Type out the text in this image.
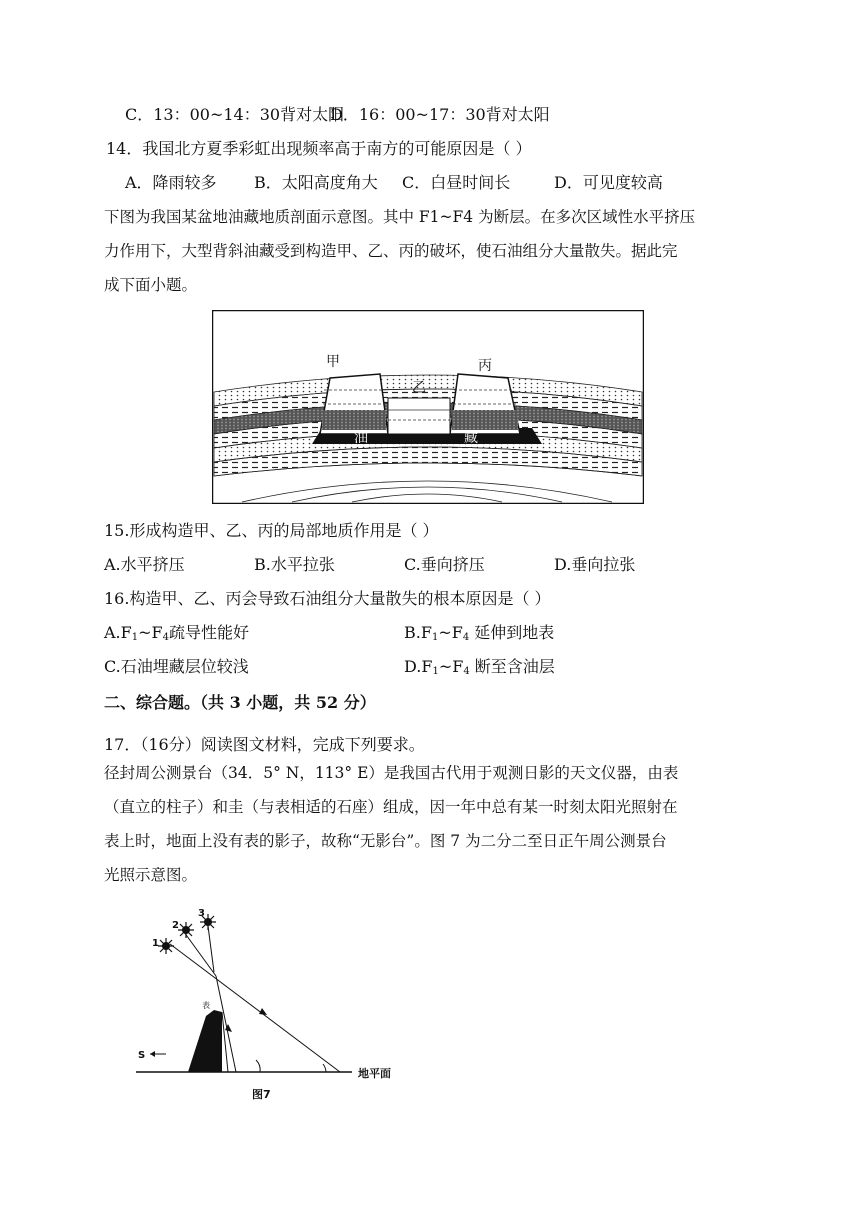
C．13：00~14：30背对太阳
D．16：00~17：30背对太阳
14．我国北方夏季彩虹出现频率高于南方的可能原因是（ ）
A．降雨较多 B．太阳高度角大 C．白昼时间长	D．可见度较高
下图为我国某盆地油藏地质剖面示意图。其中 F1~F4 为断层。在多次区域性水平挤压
力作用下，大型背斜油藏受到构造甲、乙、丙的破坏，使石油组分大量散失。据此完
成下面小题。
甲
乙
丙
油	藏
15.形成构造甲、乙、丙的局部地质作用是（ ）
A.水平挤压	B.水平拉张	C.垂向挤压	D.垂向拉张
16.构造甲、乙、丙会导致石油组分大量散失的根本原因是（ ）
$A.F_1\sim F_4$疏导性能好	$B.F_1\sim F_4$ 延伸到地表
C.石油埋藏层位较浅	$D.F_1\sim F_4$ 断至含油层
二、综合题。（共 3 小题，共 52 分）
17．（16分）阅读图文材料，完成下列要求。
径封周公测景台（34．5° N，113° E）是我国古代用于观测日影的天文仪器，由表
（直立的柱子）和圭（与表相适的石座）组成，因一年中总有某一时刻太阳光照射在
表上时，地面上没有表的影子，故称“无影台”。图 7 为二分二至日正午周公测景台
光照示意图。
S
表
1
2
3
地平面
图7
